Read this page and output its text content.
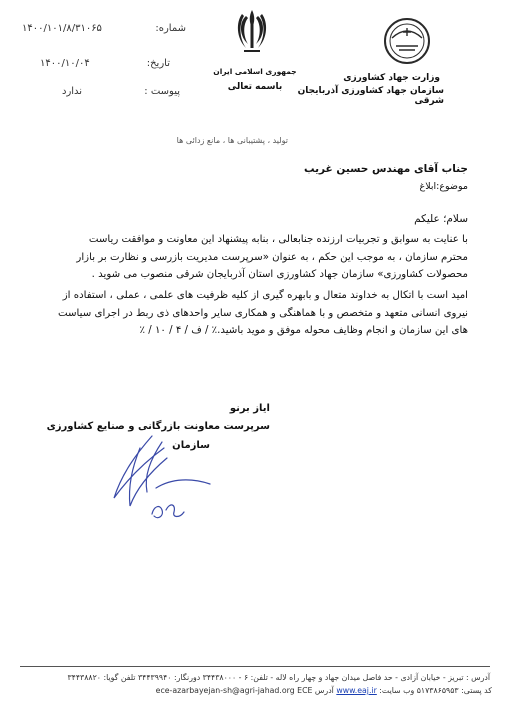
۱۴۰۰/۱۰۱/۸/۳۱۰۶۵	شماره:
۱۴۰۰/۱۰/۰۴	تاریخ:
ندارد	پیوست :
جمهوری اسلامی ایران
باسمه تعالی
وزارت جهاد کشاورزی
سازمان جهاد کشاورزی آذربایجان شرقی
تولید ، پشتیبانی ها ، مانع زدائی ها
جناب آقای مهندس حسین غریب
موضوع:ابلاغ
سلام؛ علیکم
با عنایت به سوابق و تجربیات ارزنده جنابعالی ، بنابه پیشنهاد این معاونت و موافقت ریاست
محترم سازمان ، به موجب این حکم ، به عنوان «سرپرست مدیریت بازرسی و نظارت بر بازار
محصولات کشاورزی» سازمان جهاد کشاورزی استان آذربایجان شرقی منصوب می شوید .
امید است با اتکال به خداوند متعال و بابهره گیری از کلیه ظرفیت های علمی ، عملی ، استفاده از
نیروی انسانی متعهد و متخصص و با هماهنگی و همکاری سایر واحدهای ذی ربط در اجرای سیاست
های این سازمان و انجام وظایف محوله موفق و موید باشید.٪ / ف / ۴ / ۱۰ / ٪
ایاز برنو
سرپرست معاونت بازرگانی و صنایع کشاورزی
سازمان
آدرس : تبریز - خیابان آزادی - حد فاصل میدان جهاد و چهار راه لاله - تلفن: ۶ - ۳۴۴۳۸۰۰۰ دورنگار: ۳۴۴۳۹۹۴۰ تلفن گویا: ۳۴۴۳۸۸۲۰
کد پستی: ۵۱۷۳۸۶۵۹۵۳ وب سایت: www.eaj.ir آدرس ECE ece-azarbayejan-sh@agri-jahad.org
